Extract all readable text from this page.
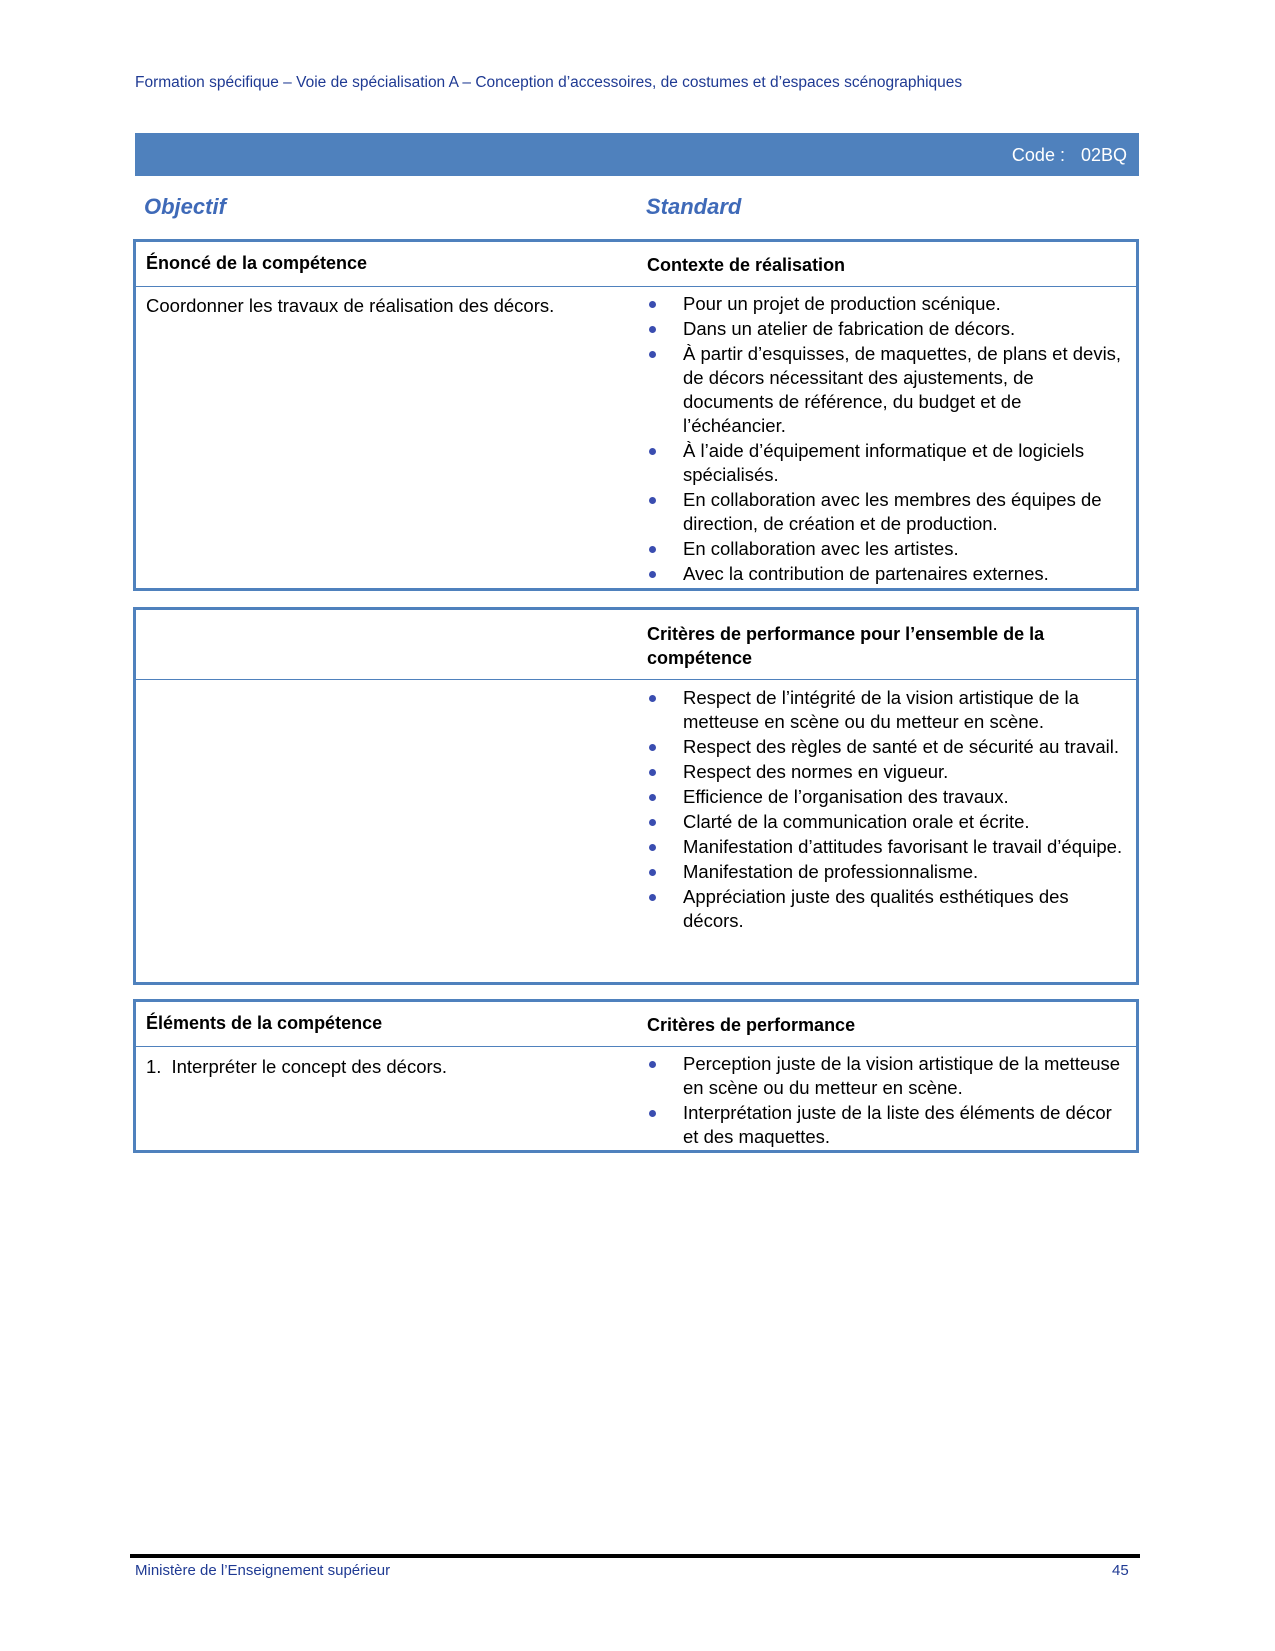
Formation spécifique – Voie de spécialisation A – Conception d’accessoires, de costumes et d’espaces scénographiques
Code : 02BQ
Objectif	Standard
Énoncé de la compétence	Contexte de réalisation
Coordonner les travaux de réalisation des décors.	Pour un projet de production scénique.
Dans un atelier de fabrication de décors.
À partir d’esquisses, de maquettes, de plans et devis, de décors nécessitant des ajustements, de documents de référence, du budget et de l’échéancier.
À l’aide d’équipement informatique et de logiciels spécialisés.
En collaboration avec les membres des équipes de direction, de création et de production.
En collaboration avec les artistes.
Avec la contribution de partenaires externes.
Critères de performance pour l’ensemble de la compétence
Respect de l’intégrité de la vision artistique de la metteuse en scène ou du metteur en scène.
Respect des règles de santé et de sécurité au travail.
Respect des normes en vigueur.
Efficience de l’organisation des travaux.
Clarté de la communication orale et écrite.
Manifestation d’attitudes favorisant le travail d’équipe.
Manifestation de professionnalisme.
Appréciation juste des qualités esthétiques des décors.
Éléments de la compétence	Critères de performance
1. Interpréter le concept des décors.	Perception juste de la vision artistique de la metteuse en scène ou du metteur en scène.
Interprétation juste de la liste des éléments de décor et des maquettes.
Ministère de l’Enseignement supérieur	45
